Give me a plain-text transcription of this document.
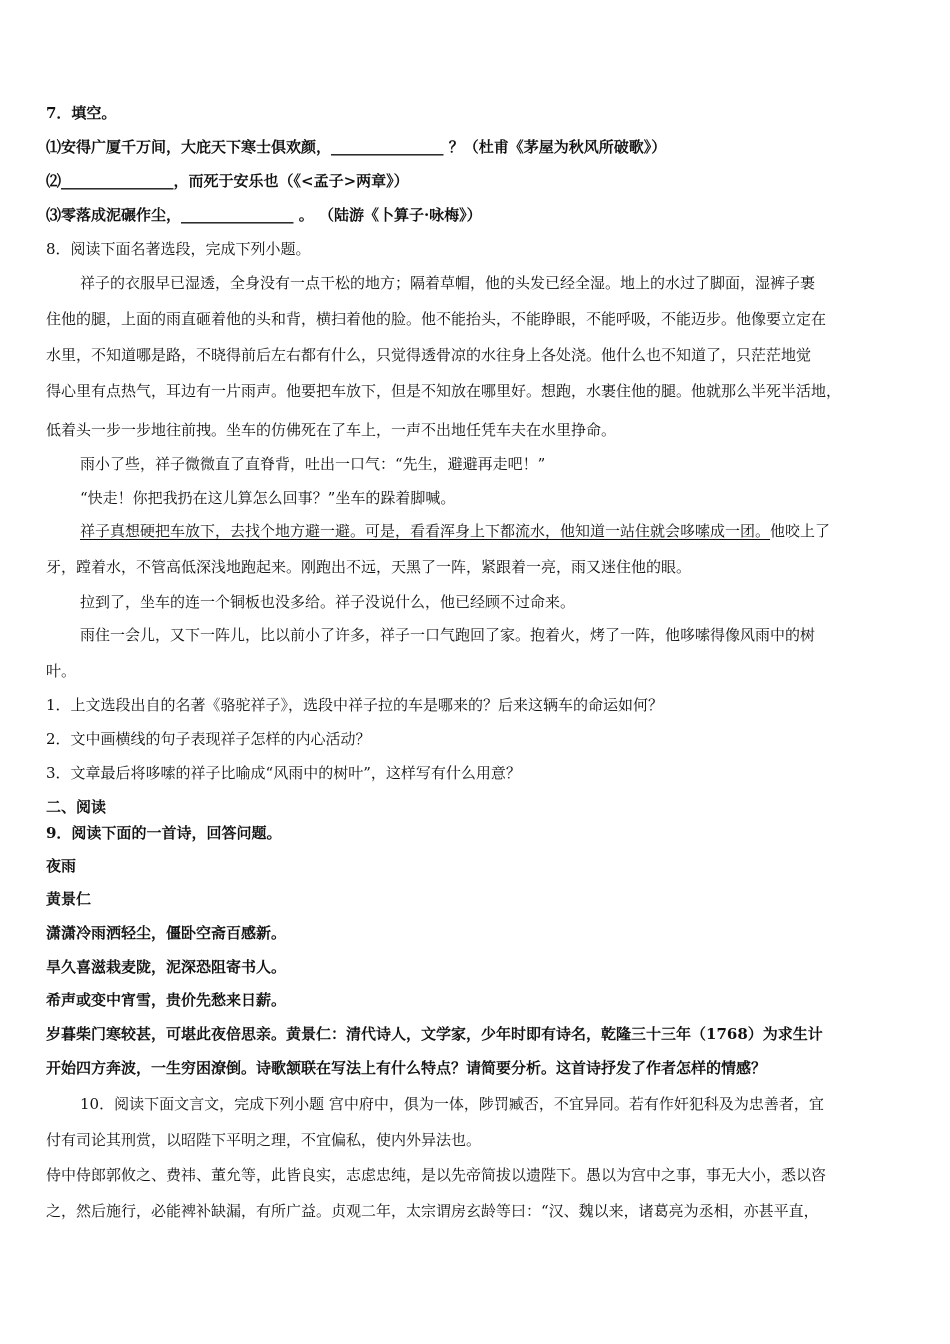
7．填空。
⑴安得广厦千万间，大庇天下寒士俱欢颜，_______________ ？（杜甫《茅屋为秋风所破歌》）
⑵_______________，而死于安乐也（《<孟子>两章》）
⑶零落成泥碾作尘，_______________ 。 （陆游《卜算子·咏梅》）
8．阅读下面名著选段，完成下列小题。
祥子的衣服早已湿透，全身没有一点干松的地方；隔着草帽，他的头发已经全湿。地上的水过了脚面，湿裤子裹
住他的腿，上面的雨直砸着他的头和背，横扫着他的脸。他不能抬头，不能睁眼，不能呼吸，不能迈步。他像要立定在
水里，不知道哪是路，不晓得前后左右都有什么，只觉得透骨凉的水往身上各处浇。他什么也不知道了，只茫茫地觉
得心里有点热气，耳边有一片雨声。他要把车放下，但是不知放在哪里好。想跑，水裹住他的腿。他就那么半死半活地，
低着头一步一步地往前拽。坐车的仿佛死在了车上，一声不出地任凭车夫在水里挣命。
雨小了些，祥子微微直了直脊背，吐出一口气：“先生，避避再走吧！”
“快走！你把我扔在这儿算怎么回事？”坐车的跺着脚喊。
祥子真想硬把车放下，去找个地方避一避。可是，看看浑身上下都流水，他知道一站住就会哆嗦成一团。他咬上了
牙，蹚着水，不管高低深浅地跑起来。刚跑出不远，天黑了一阵，紧跟着一亮，雨又迷住他的眼。
拉到了，坐车的连一个铜板也没多给。祥子没说什么，他已经顾不过命来。
雨住一会儿，又下一阵儿，比以前小了许多，祥子一口气跑回了家。抱着火，烤了一阵，他哆嗦得像风雨中的树
叶。
1．上文选段出自的名著《骆驼祥子》，选段中祥子拉的车是哪来的？后来这辆车的命运如何？
2．文中画横线的句子表现祥子怎样的内心活动？
3．文章最后将哆嗦的祥子比喻成“风雨中的树叶”，这样写有什么用意？
二、阅读
9．阅读下面的一首诗，回答问题。
夜雨
黄景仁
潇潇冷雨洒轻尘，僵卧空斋百感新。
旱久喜滋栽麦陇，泥深恐阻寄书人。
希声或变中宵雪，贵价先愁来日薪。
岁暮柴门寒较甚，可堪此夜倍思亲。黄景仁：清代诗人，文学家，少年时即有诗名，乾隆三十三年（1768）为求生计
开始四方奔波，一生穷困潦倒。诗歌颔联在写法上有什么特点？请简要分析。这首诗抒发了作者怎样的情感？
10．阅读下面文言文，完成下列小题 宫中府中，俱为一体，陟罚臧否，不宜异同。若有作奸犯科及为忠善者，宜
付有司论其刑赏，以昭陛下平明之理，不宜偏私，使内外异法也。
侍中侍郎郭攸之、费祎、董允等，此皆良实，志虑忠纯，是以先帝简拔以遗陛下。愚以为宫中之事，事无大小，悉以咨
之，然后施行，必能裨补缺漏，有所广益。贞观二年，太宗谓房玄龄等曰：“汉、魏以来，诸葛亮为丞相，亦甚平直，
